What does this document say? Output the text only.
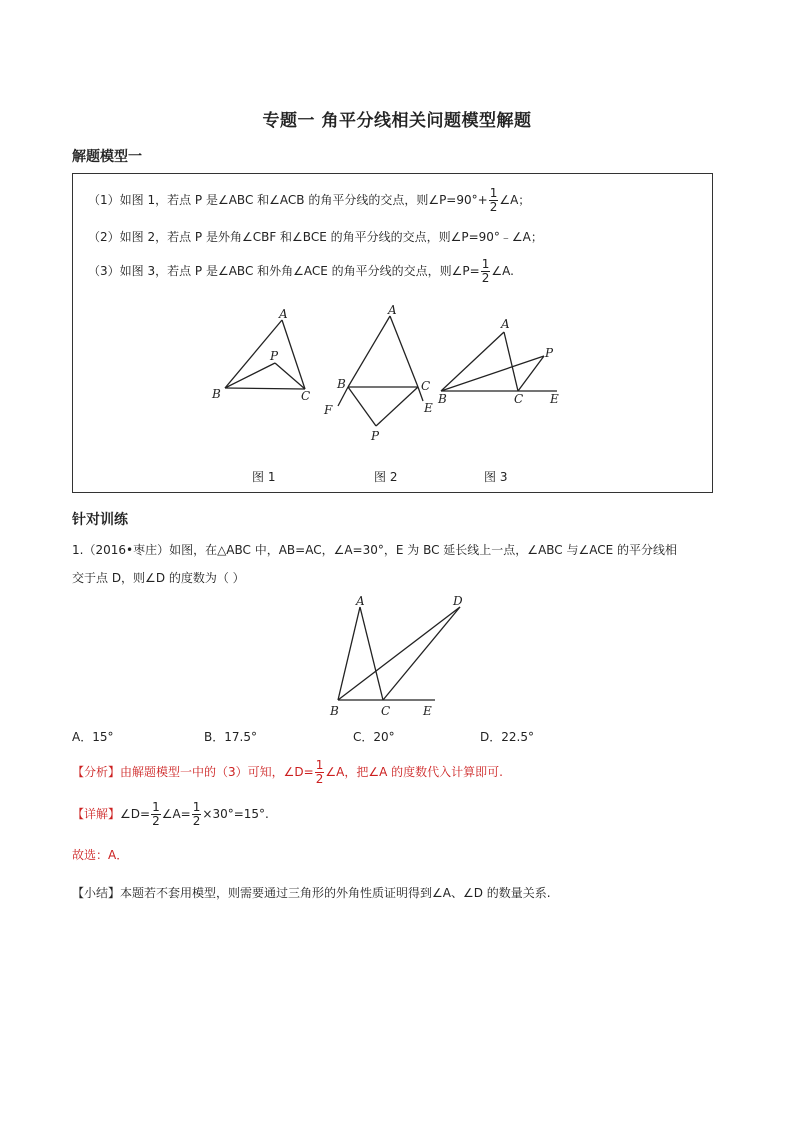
专题一 角平分线相关问题模型解题
解题模型一
（1）如图 1，若点 P 是∠ABC 和∠ACB 的角平分线的交点，则∠P=90°+ $\frac{1}{2}$ ∠A；
（2）如图 2，若点 P 是外角∠CBF 和∠BCE 的角平分线的交点，则∠P=90°﹣∠A；
（3）如图 3，若点 P 是∠ABC 和外角∠ACE 的角平分线的交点，则∠P= $\frac{1}{2}$ ∠A.
A
B	C
P
A
B	C
F	E
P
A
B	C E
P
图 1	图 2	图 3
针对训练
1.（2016•枣庄）如图，在△ABC 中，AB=AC，∠A=30°，E 为 BC 延长线上一点，∠ABC 与∠ACE 的平分线相
交于点 D，则∠D 的度数为（ ）
A
B	C	E
D
A．15°	B．17.5°	C．20°	D．22.5°
【分析】由解题模型一中的（3）可知，∠D= $\frac{1}{2}$ ∠A，把∠A 的度数代入计算即可.
【详解】∠D= $\frac{1}{2}$ ∠A= $\frac{1}{2} \times 30^\circ=15^\circ$.
故选：A．
【小结】本题若不套用模型，则需要通过三角形的外角性质证明得到∠A、∠D 的数量关系.
